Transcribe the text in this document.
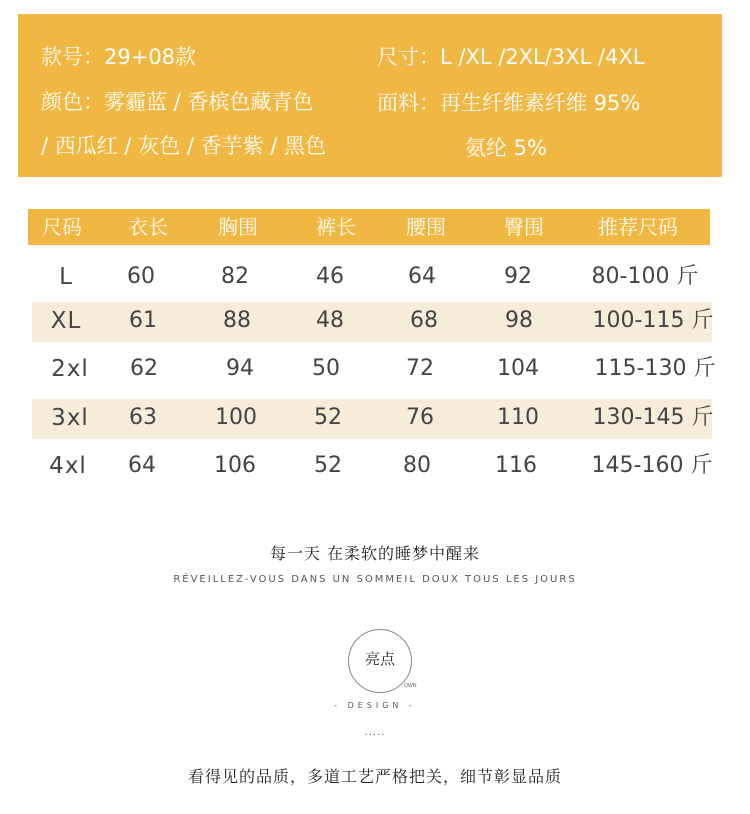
款号：29+08款
颜色：雾霾蓝 / 香槟色藏青色
/ 西瓜红 / 灰色 / 香芋紫 / 黑色
尺寸：L /XL /2XL/3XL /4XL
面料：再生纤维素纤维 95%
氨纶 5%
尺码 衣长	胸围	裤长	腰围	臀围	推荐尺码
L 60	82	46	64	92	80-100 斤
XL 61	88	48	68	98	100-115 斤
2xl 62	94	50	72	104	115-130 斤
3xl 63	100	52	76	110 130-145 斤
4xl 64	106	52	80	116 145-160 斤
每一天 在柔软的睡梦中醒来
RÉVEILLEZ-VOUS DANS UN SOMMEIL DOUX TOUS LES JOURS
亮点
QWN
- DESIGN -
.....
看得见的品质，多道工艺严格把关，细节彰显品质
